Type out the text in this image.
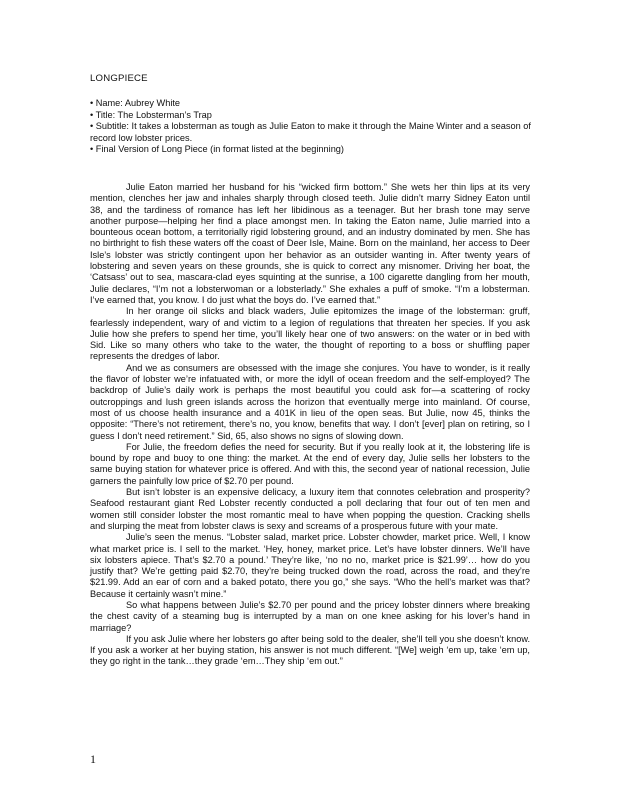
LONGPIECE
• Name: Aubrey White
• Title: The Lobsterman’s Trap
• Subtitle: It takes a lobsterman as tough as Julie Eaton to make it through the Maine Winter and a season of record low lobster prices.
• Final Version of Long Piece (in format listed at the beginning)

Julie Eaton married her husband for his “wicked firm bottom.” She wets her thin lips at its very mention, clenches her jaw and inhales sharply through closed teeth. Julie didn’t marry Sidney Eaton until 38, and the tardiness of romance has left her libidinous as a teenager. But her brash tone may serve another purpose—helping her find a place amongst men. In taking the Eaton name, Julie married into a bounteous ocean bottom, a territorially rigid lobstering ground, and an industry dominated by men. She has no birthright to fish these waters off the coast of Deer Isle, Maine. Born on the mainland, her access to Deer Isle’s lobster was strictly contingent upon her behavior as an outsider wanting in. After twenty years of lobstering and seven years on these grounds, she is quick to correct any misnomer. Driving her boat, the ‘Catsass’ out to sea, mascara-clad eyes squinting at the sunrise, a 100 cigarette dangling from her mouth, Julie declares, “I’m not a lobsterwoman or a lobsterlady.” She exhales a puff of smoke. “I’m a lobsterman. I’ve earned that, you know. I do just what the boys do. I’ve earned that.”

In her orange oil slicks and black waders, Julie epitomizes the image of the lobsterman: gruff, fearlessly independent, wary of and victim to a legion of regulations that threaten her species. If you ask Julie how she prefers to spend her time, you’ll likely hear one of two answers: on the water or in bed with Sid. Like so many others who take to the water, the thought of reporting to a boss or shuffling paper represents the dredges of labor.

And we as consumers are obsessed with the image she conjures. You have to wonder, is it really the flavor of lobster we’re infatuated with, or more the idyll of ocean freedom and the self-employed? The backdrop of Julie’s daily work is perhaps the most beautiful you could ask for—a scattering of rocky outcroppings and lush green islands across the horizon that eventually merge into mainland. Of course, most of us choose health insurance and a 401K in lieu of the open seas. But Julie, now 45, thinks the opposite: “There’s not retirement, there’s no, you know, benefits that way. I don’t [ever] plan on retiring, so I guess I don’t need retirement.” Sid, 65, also shows no signs of slowing down.

For Julie, the freedom defies the need for security. But if you really look at it, the lobstering life is bound by rope and buoy to one thing: the market. At the end of every day, Julie sells her lobsters to the same buying station for whatever price is offered. And with this, the second year of national recession, Julie garners the painfully low price of $2.70 per pound.

But isn’t lobster is an expensive delicacy, a luxury item that connotes celebration and prosperity? Seafood restaurant giant Red Lobster recently conducted a poll declaring that four out of ten men and women still consider lobster the most romantic meal to have when popping the question. Cracking shells and slurping the meat from lobster claws is sexy and screams of a prosperous future with your mate.

Julie’s seen the menus. “Lobster salad, market price. Lobster chowder, market price. Well, I know what market price is. I sell to the market. ‘Hey, honey, market price. Let’s have lobster dinners. We’ll have six lobsters apiece. That’s $2.70 a pound.’ They’re like, ‘no no no, market price is $21.99’… how do you justify that? We’re getting paid $2.70, they’re being trucked down the road, across the road, and they’re $21.99. Add an ear of corn and a baked potato, there you go,” she says. “Who the hell’s market was that? Because it certainly wasn’t mine.”

So what happens between Julie’s $2.70 per pound and the pricey lobster dinners where breaking the chest cavity of a steaming bug is interrupted by a man on one knee asking for his lover’s hand in marriage?

If you ask Julie where her lobsters go after being sold to the dealer, she’ll tell you she doesn’t know. If you ask a worker at her buying station, his answer is not much different. “[We] weigh ‘em up, take ‘em up, they go right in the tank…they grade ‘em…They ship ‘em out.”

1
